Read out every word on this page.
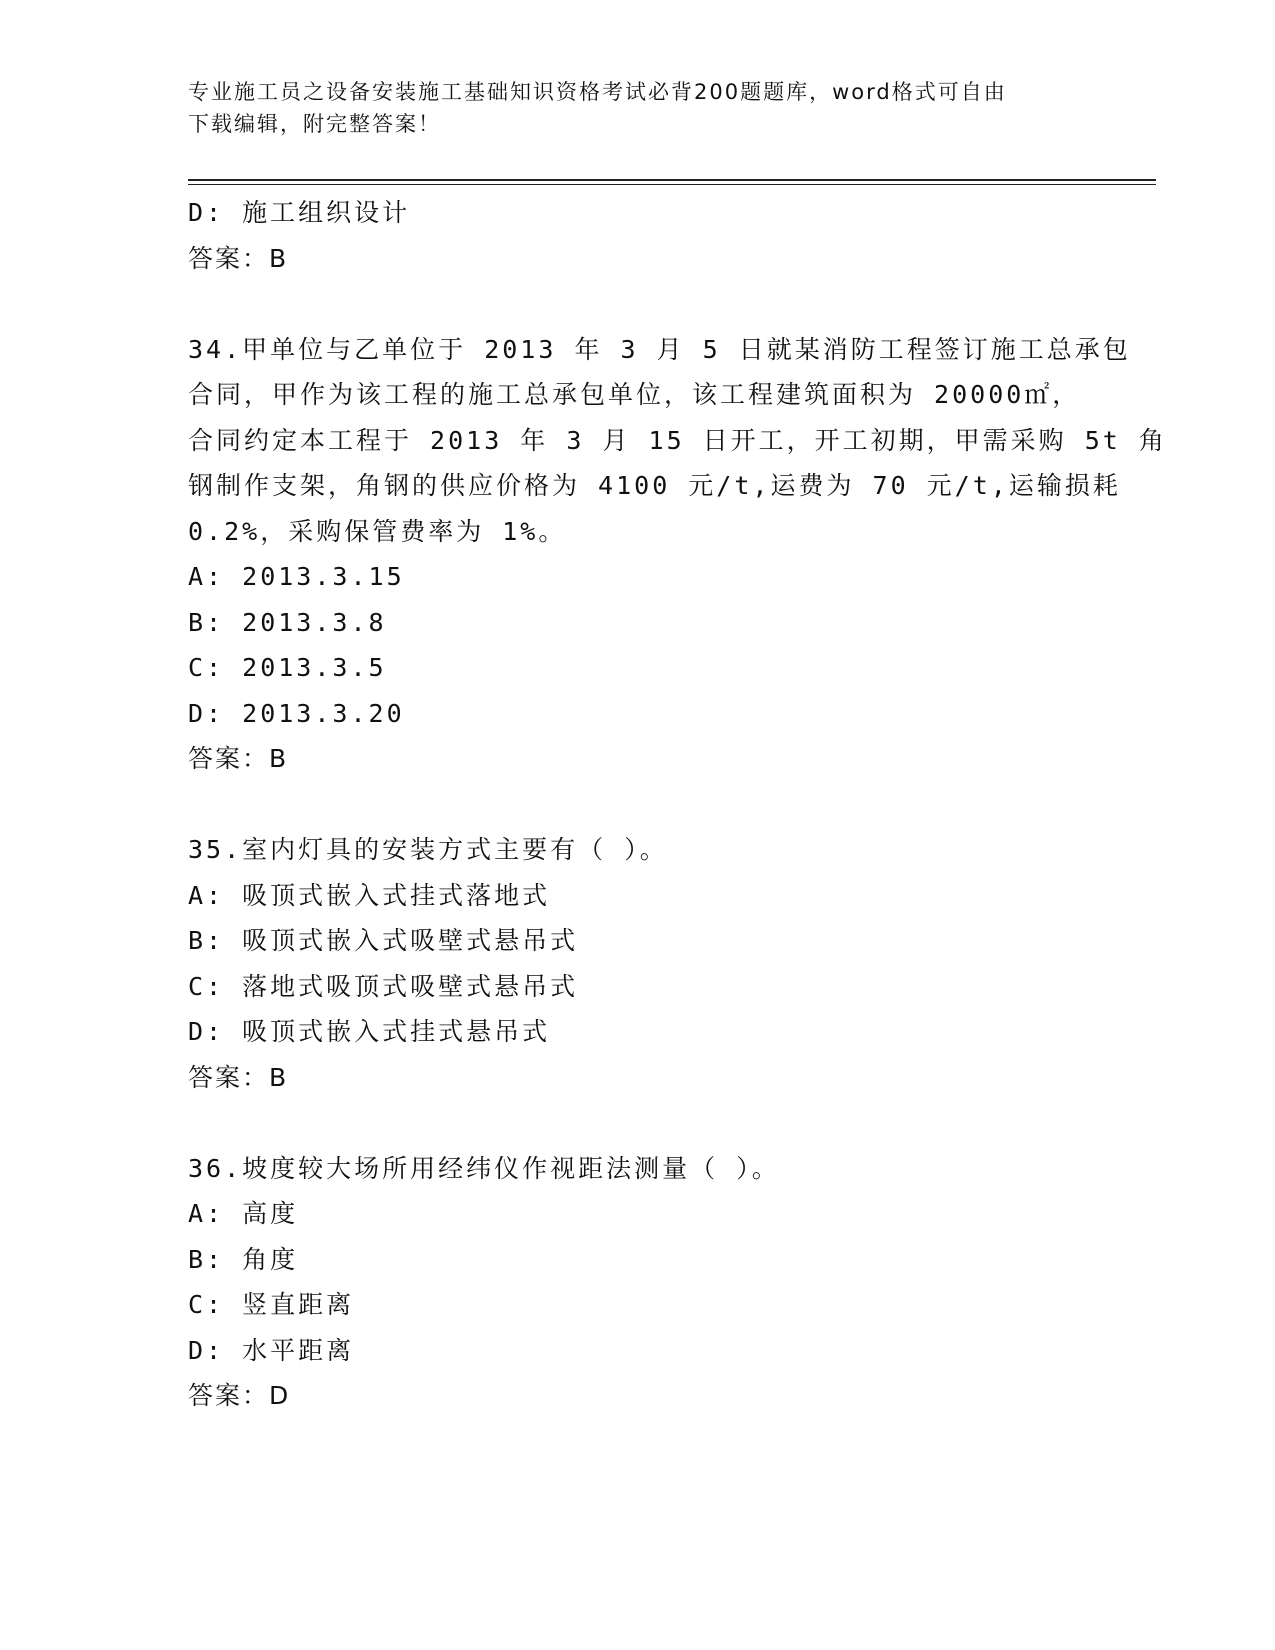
专业施工员之设备安装施工基础知识资格考试必背200题题库，word格式可自由
下载编辑，附完整答案！
D: 施工组织设计
答案：B
34.甲单位与乙单位于 2013 年 3 月 5 日就某消防工程签订施工总承包
合同，甲作为该工程的施工总承包单位，该工程建筑面积为 20000㎡，
合同约定本工程于 2013 年 3 月 15 日开工，开工初期，甲需采购 5t 角
钢制作支架，角钢的供应价格为 4100 元/t,运费为 70 元/t,运输损耗
0.2%，采购保管费率为 1%。
A: 2013.3.15
B: 2013.3.8
C: 2013.3.5
D: 2013.3.20
答案：B
35.室内灯具的安装方式主要有（ ）。
A: 吸顶式嵌入式挂式落地式
B: 吸顶式嵌入式吸壁式悬吊式
C: 落地式吸顶式吸壁式悬吊式
D: 吸顶式嵌入式挂式悬吊式
答案：B
36.坡度较大场所用经纬仪作视距法测量（ ）。
A: 高度
B: 角度
C: 竖直距离
D: 水平距离
答案：D
